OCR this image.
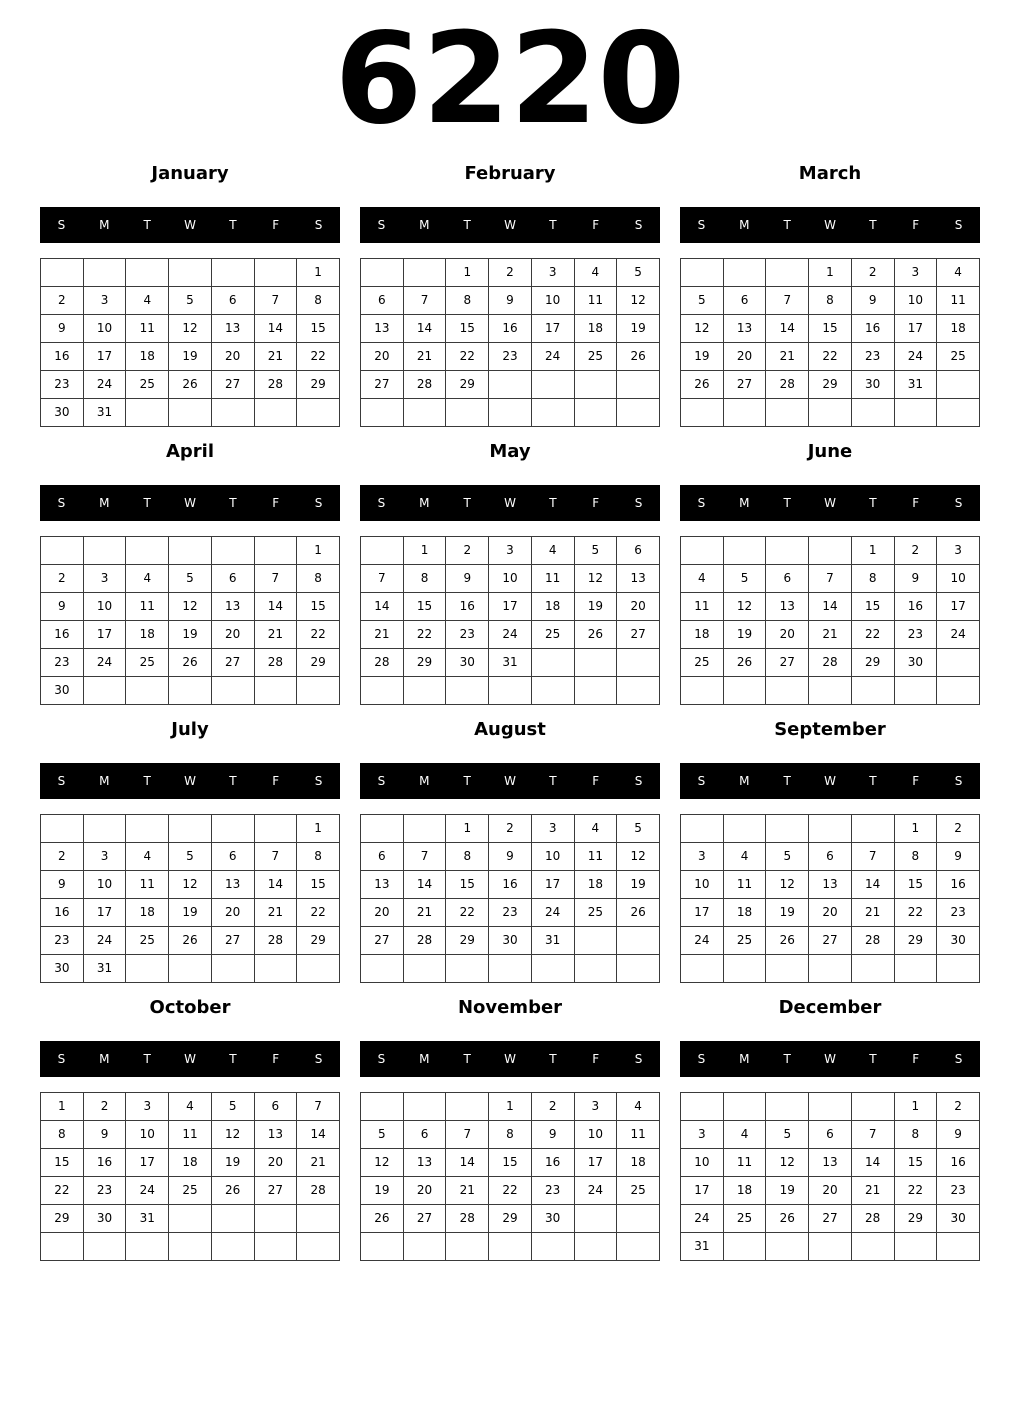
6220
January
S	M	T	W	T	F	S
						1
2	3	4	5	6	7	8
9	10	11	12	13	14	15
16	17	18	19	20	21	22
23	24	25	26	27	28	29
30	31					
February
S	M	T	W	T	F	S
		1	2	3	4	5
6	7	8	9	10	11	12
13	14	15	16	17	18	19
20	21	22	23	24	25	26
27	28	29				

March
S	M	T	W	T	F	S
			1	2	3	4
5	6	7	8	9	10	11
12	13	14	15	16	17	18
19	20	21	22	23	24	25
26	27	28	29	30	31	

April
S	M	T	W	T	F	S
						1
2	3	4	5	6	7	8
9	10	11	12	13	14	15
16	17	18	19	20	21	22
23	24	25	26	27	28	29
30						
May
S	M	T	W	T	F	S
	1	2	3	4	5	6
7	8	9	10	11	12	13
14	15	16	17	18	19	20
21	22	23	24	25	26	27
28	29	30	31			

June
S	M	T	W	T	F	S
				1	2	3
4	5	6	7	8	9	10
11	12	13	14	15	16	17
18	19	20	21	22	23	24
25	26	27	28	29	30	

July
S	M	T	W	T	F	S
						1
2	3	4	5	6	7	8
9	10	11	12	13	14	15
16	17	18	19	20	21	22
23	24	25	26	27	28	29
30	31					
August
S	M	T	W	T	F	S
		1	2	3	4	5
6	7	8	9	10	11	12
13	14	15	16	17	18	19
20	21	22	23	24	25	26
27	28	29	30	31		

September
S	M	T	W	T	F	S
					1	2
3	4	5	6	7	8	9
10	11	12	13	14	15	16
17	18	19	20	21	22	23
24	25	26	27	28	29	30

October
S	M	T	W	T	F	S
1	2	3	4	5	6	7
8	9	10	11	12	13	14
15	16	17	18	19	20	21
22	23	24	25	26	27	28
29	30	31				

November
S	M	T	W	T	F	S
			1	2	3	4
5	6	7	8	9	10	11
12	13	14	15	16	17	18
19	20	21	22	23	24	25
26	27	28	29	30		

December
S	M	T	W	T	F	S
					1	2
3	4	5	6	7	8	9
10	11	12	13	14	15	16
17	18	19	20	21	22	23
24	25	26	27	28	29	30
31						
